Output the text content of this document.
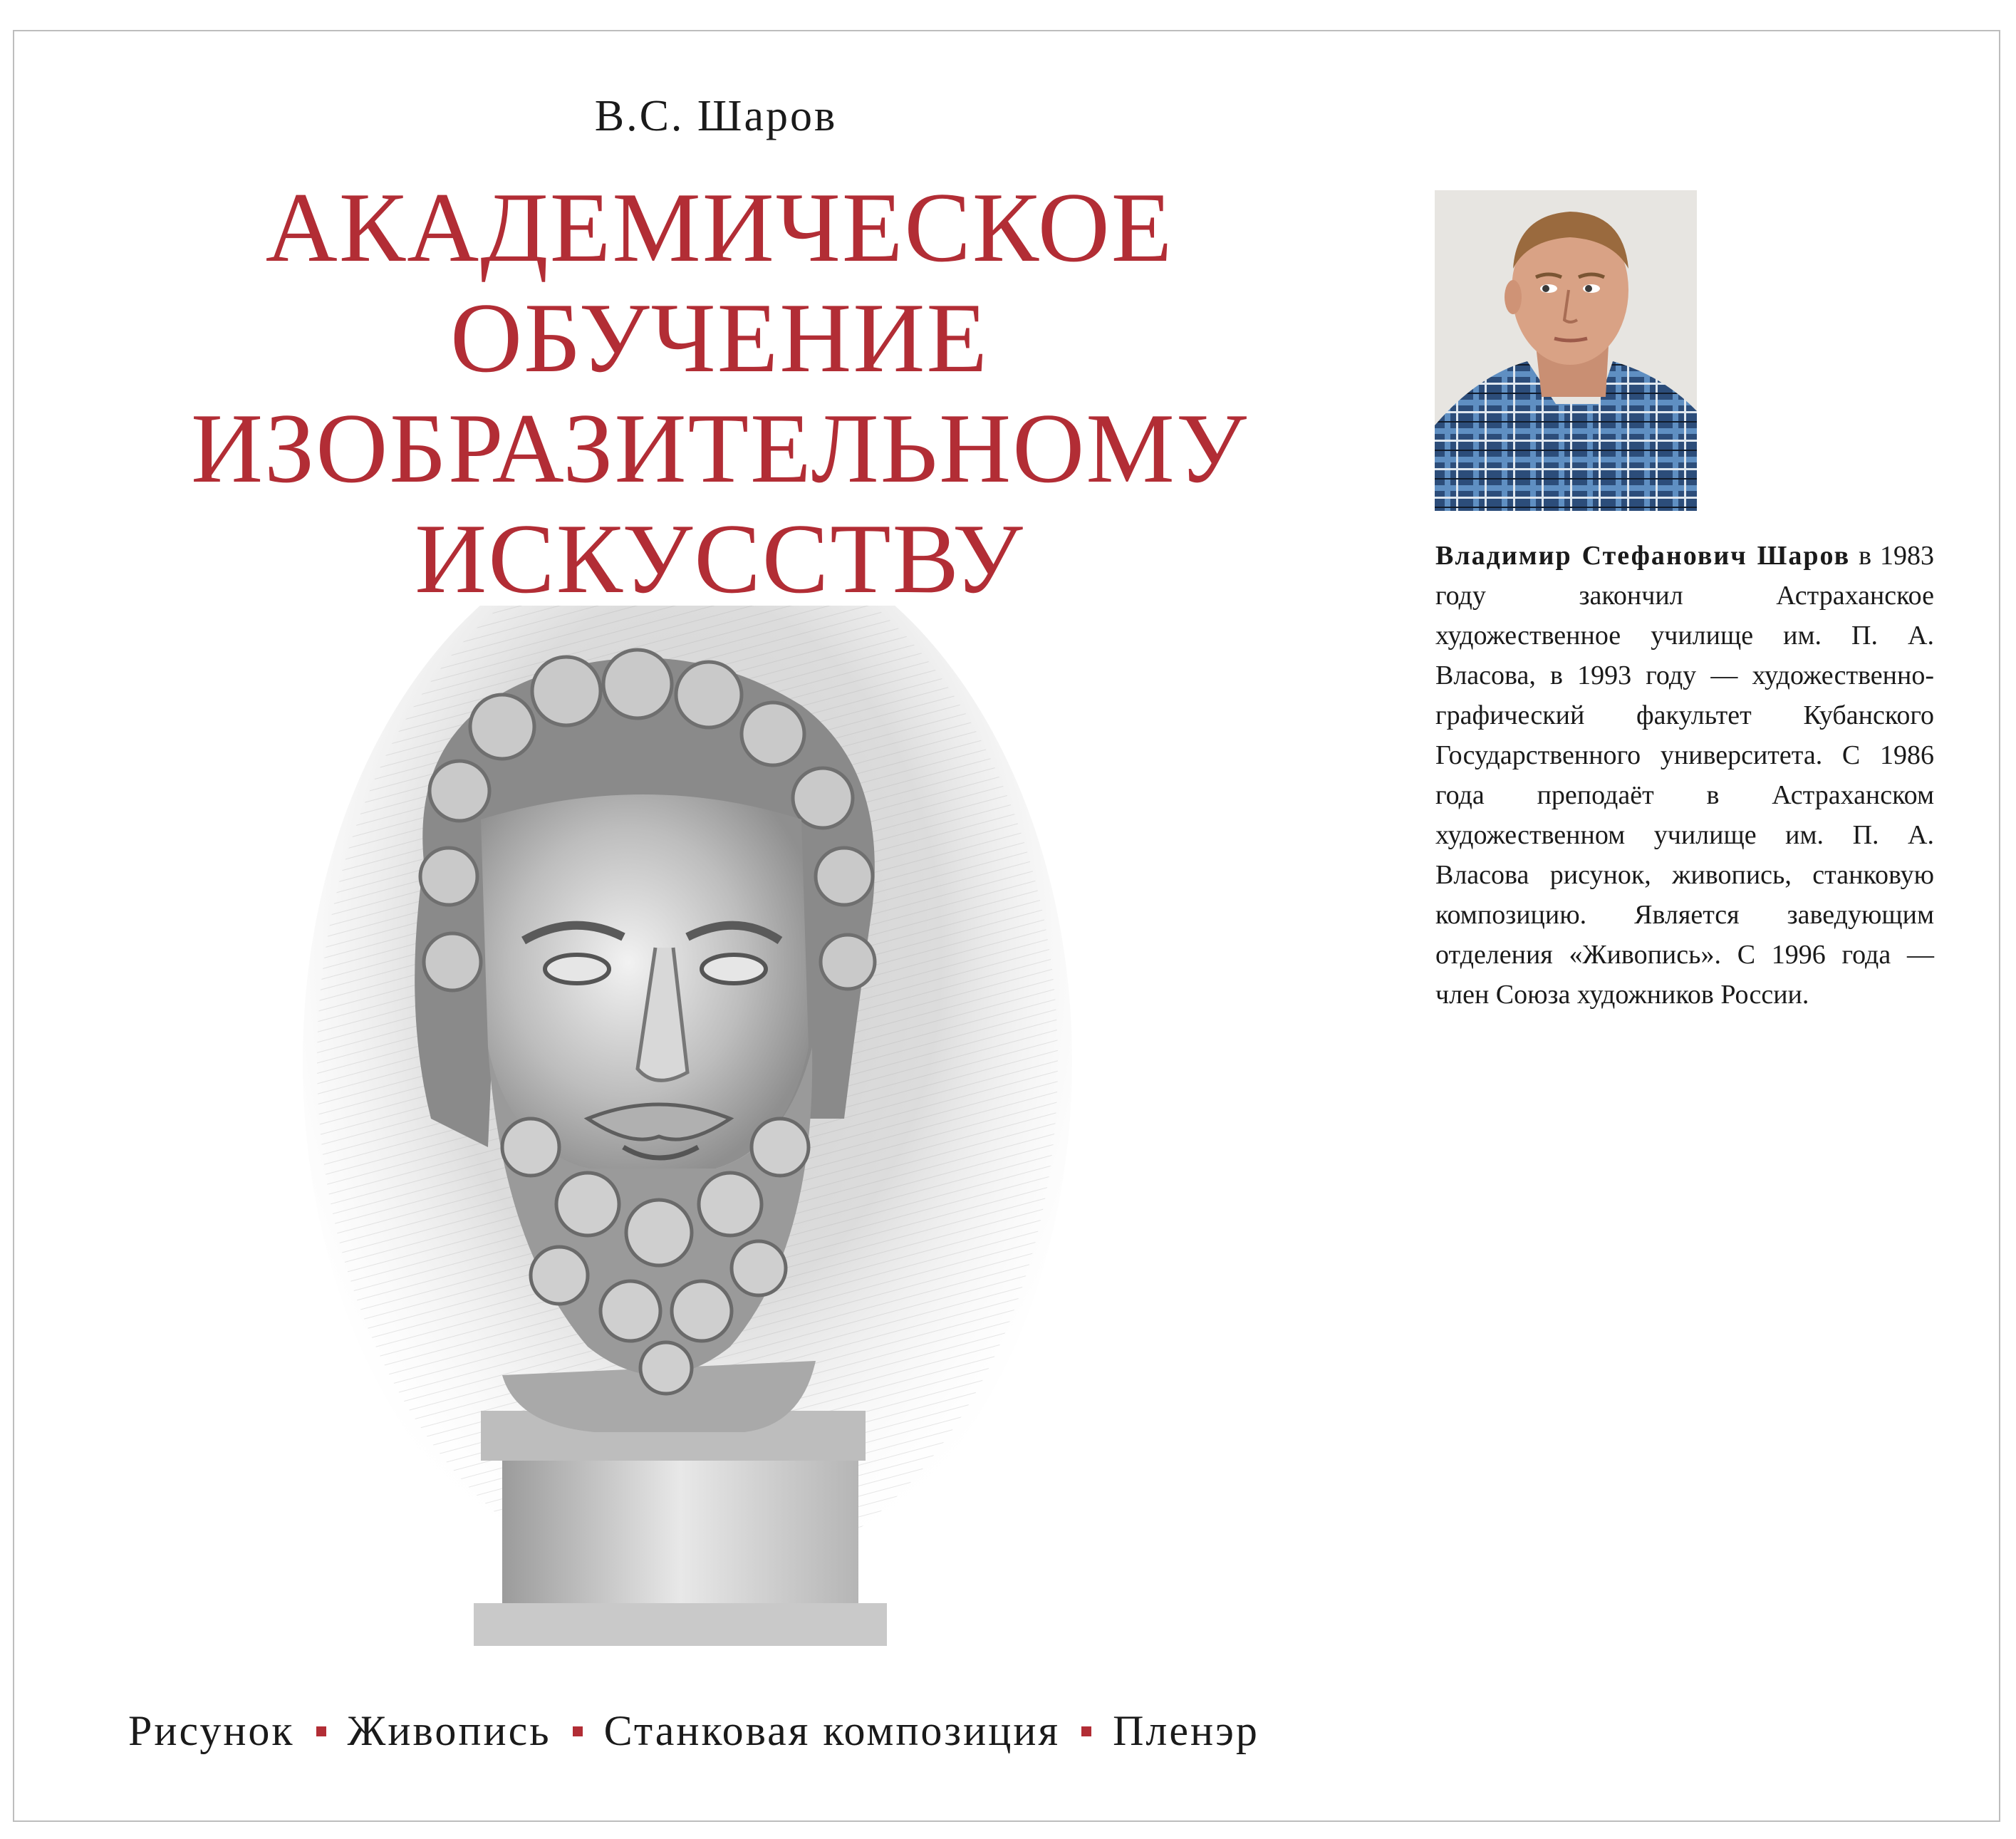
В.С. Шаров
АКАДЕМИЧЕСКОЕ
ОБУЧЕНИЕ
ИЗОБРАЗИТЕЛЬНОМУ
ИСКУССТВУ
Рисунок Живопись Станковая композиция Пленэр
Владимир Стефанович Шаров в 1983 году закончил Астраханское художественное училище им. П. А. Власова, в 1993 году — художественно-графический факультет Кубанского Государственного университета. С 1986 года преподаёт в Астраханском художественном училище им. П. А. Власова рисунок, живопись, станковую композицию. Является заведующим отделения «Живопись». С 1996 года — член Союза художников России.
